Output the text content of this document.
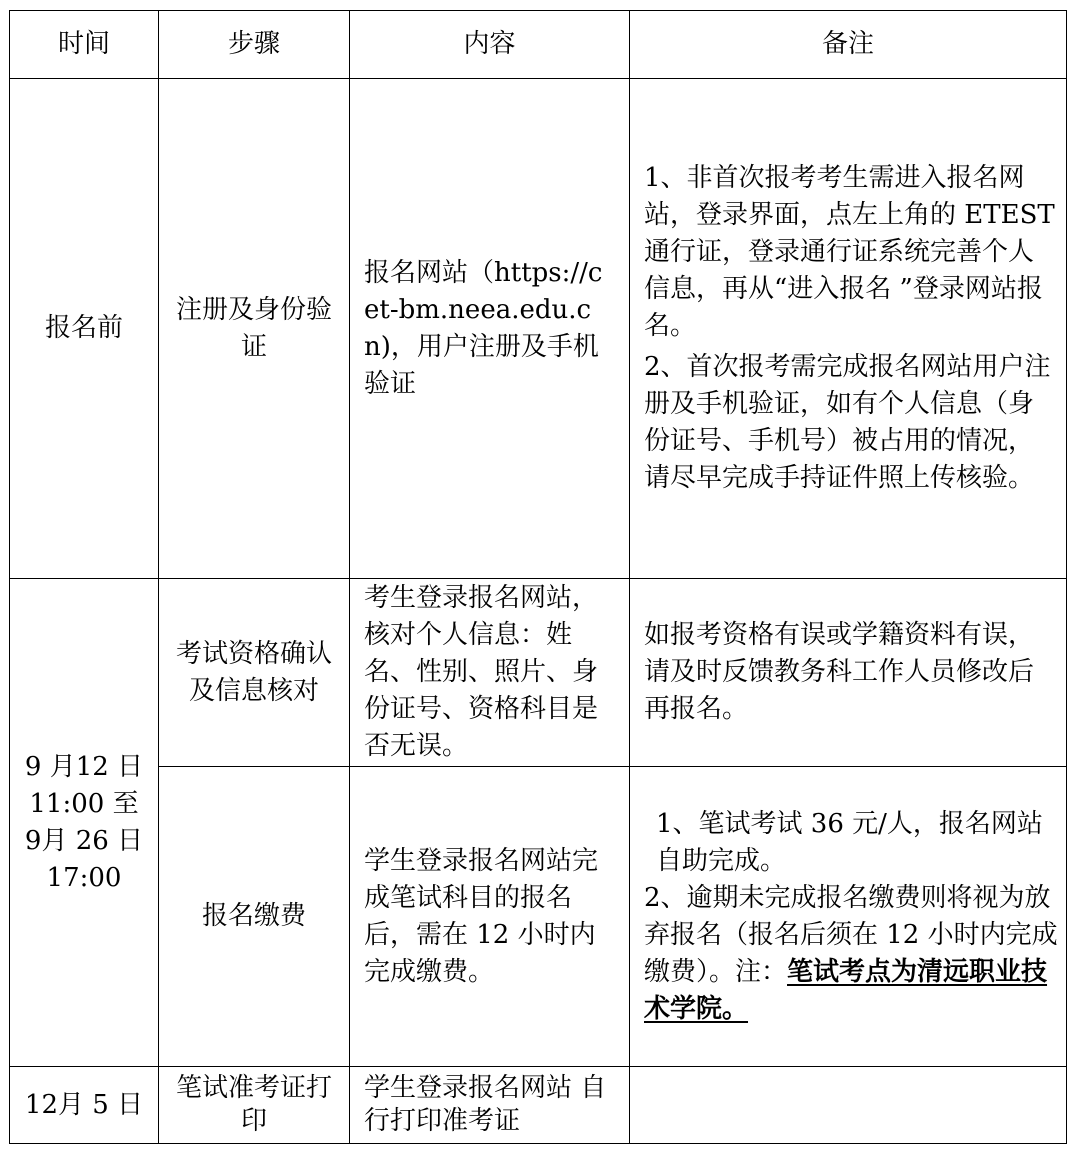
时间	步骤	内容	备注
报名前	注册及身份验证	报名网站（https://cet-bm.neea.edu.cn)，用户注册及手机验证	1、非首次报考考生需进入报名网站，登录界面，点左上角的 ETEST 通行证，登录通行证系统完善个人信息，再从“进入报名 ”登录网站报名。

2、首次报考需完成报名网站用户注册及手机验证，如有个人信息（身份证号、手机号）被占用的情况，请尽早完成手持证件照上传核验。

9 月12 日
11:00 至
9月 26 日
17:00	考试资格确认及信息核对	考生登录报名网站，核对个人信息：姓名、性别、照片、身份证号、资格科目是否无误。	如报考资格有误或学籍资料有误，请及时反馈教务科工作人员修改后再报名。

	报名缴费	学生登录报名网站完成笔试科目的报名后，需在 12 小时内完成缴费。	1、笔试考试 36 元/人，报名网站自助完成。

2、逾期未完成报名缴费则将视为放弃报名（报名后须在 12 小时内完成缴费）。注：笔试考点为清远职业技术学院。

12月 5 日	笔试准考证打印	学生登录报名网站 自行打印准考证	
